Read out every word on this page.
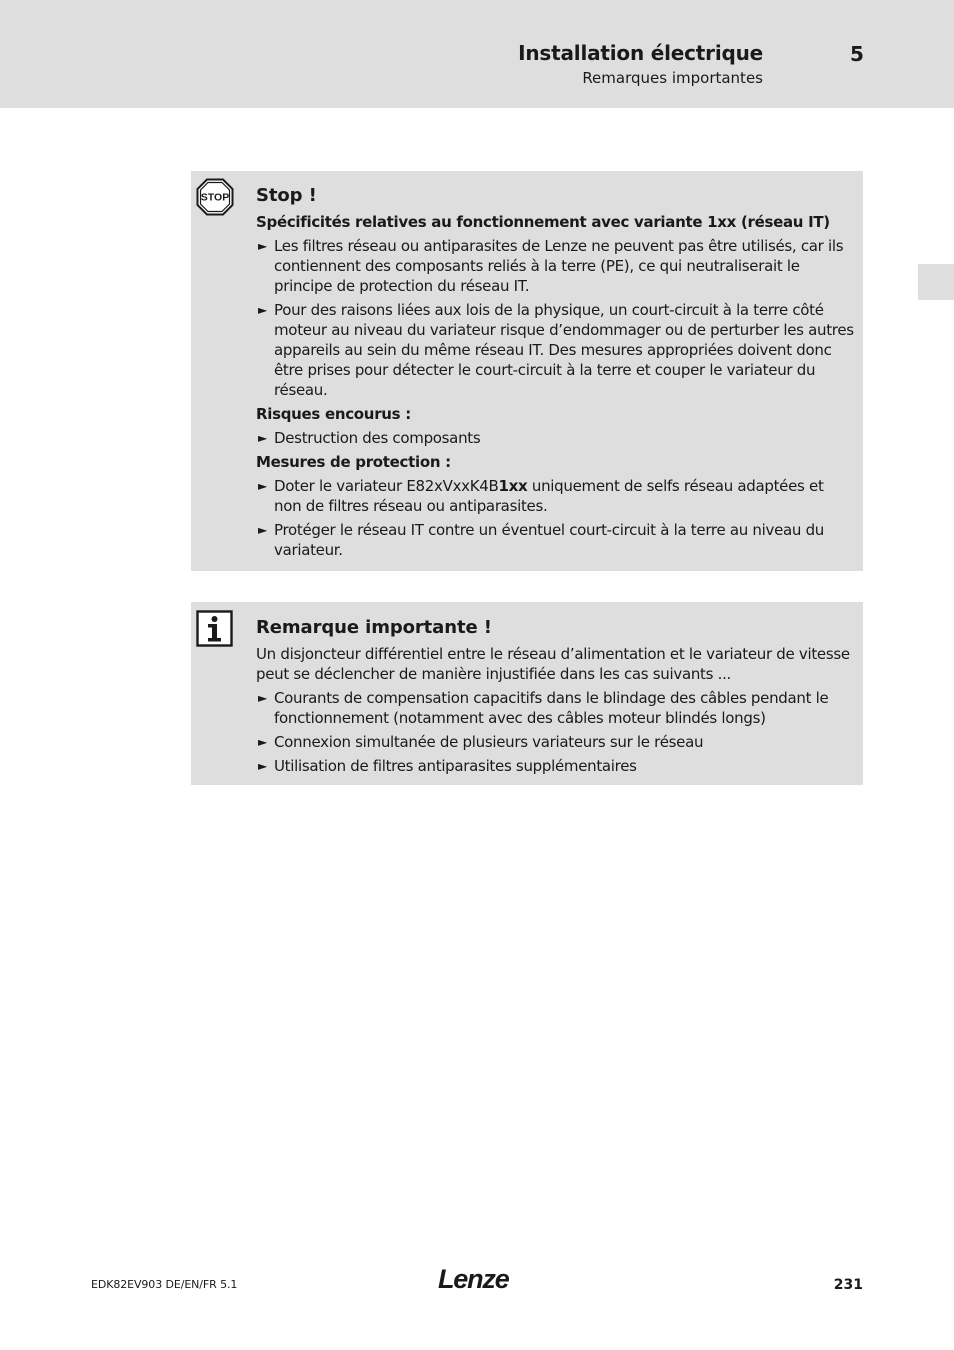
Installation électrique
Remarques importantes
5
STOP Stop !
Spécificités relatives au fonctionnement avec variante 1xx (réseau IT)
► Les filtres réseau ou antiparasites de Lenze ne peuvent pas être utilisés, car ils contiennent des composants reliés à la terre (PE), ce qui neutraliserait le principe de protection du réseau IT.
► Pour des raisons liées aux lois de la physique, un court-circuit à la terre côté moteur au niveau du variateur risque d’endommager ou de perturber les autres appareils au sein du même réseau IT. Des mesures appropriées doivent donc être prises pour détecter le court-circuit à la terre et couper le variateur du réseau.
Risques encourus :
► Destruction des composants
Mesures de protection :
► Doter le variateur E82xVxxK4B1xx uniquement de selfs réseau adaptées et non de filtres réseau ou antiparasites.
► Protéger le réseau IT contre un éventuel court-circuit à la terre au niveau du variateur.
Remarque importante !
Un disjoncteur différentiel entre le réseau d’alimentation et le variateur de vitesse peut se déclencher de manière injustifiée dans les cas suivants ...
► Courants de compensation capacitifs dans le blindage des câbles pendant le fonctionnement (notamment avec des câbles moteur blindés longs)
► Connexion simultanée de plusieurs variateurs sur le réseau
► Utilisation de filtres antiparasites supplémentaires
EDK82EV903 DE/EN/FR 5.1	Lenze	231
